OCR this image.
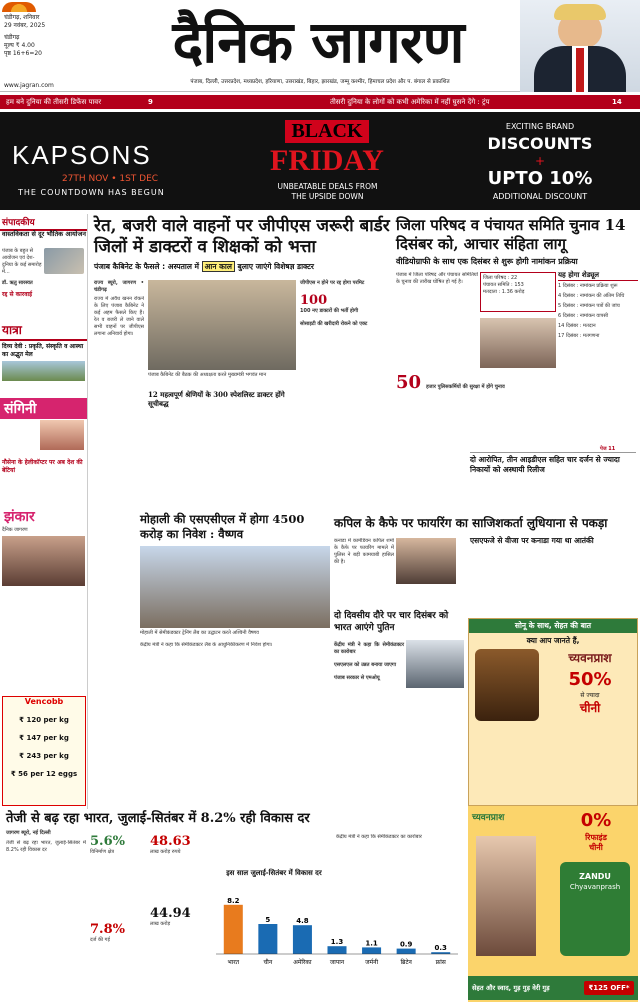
चंडीगढ़, शनिवार
29 नवंबर, 2025
चंडीगढ़
मूल्य ₹ 4.00
पृष्ठ 16+6=20
www.jagran.com
दैनिक जागरण
पंजाब, दिल्ली, उत्तरप्रदेश, मध्यप्रदेश, हरियाणा, उत्तराखंड, बिहार, झारखंड, जम्मू कश्मीर, हिमाचल प्रदेश और प. बंगाल से प्रकाशित
हम बने दुनिया की तीसरी डिफेंस पावर	9	तीसरी दुनिया के लोगों को कभी अमेरिका में नहीं घुसने देंगे : ट्रंप	14
KAPSONS
27TH NOV • 1ST DEC
THE COUNTDOWN HAS BEGUN
BLACK
FRIDAY
UNBEATABLE DEALS FROM
THE UPSIDE DOWN
EXCITING BRAND
DISCOUNTS
+
UPTO 10%
ADDITIONAL DISCOUNT
संपादकीय
वास्तविकता से दूर भौतिक आयोजन
पंजाब के बहुत से आयोजन एवं देश-दुनिया के कई समारोह में...
डॉ. ऋतु सारस्वत
रद्द से कारवाई
यात्रा
दिव्य देवी : प्रकृति, संस्कृति व आस्था का अद्भुत मेल
संगिनी
नौसेना के हेलीकॉप्टर पर अब देश की बेटियां
झंकार
दैनिक जागरण
Vencobb
₹ 120 per kg
₹ 147 per kg
₹ 243 per kg
₹ 56 per 12 eggs
रेत, बजरी वाले वाहनों पर जीपीएस जरूरी बार्डर जिलों में डाक्टरों व शिक्षकों को भत्ता
पंजाब कैबिनेट के फैसले : अस्पताल में आन काल बुलाए जाएंगे विशेषज्ञ डाक्टर
राज्य ब्यूरो, जागरण • चंडीगढ़
राज्य में अवैध खनन रोकने के लिए पंजाब कैबिनेट ने कई अहम फैसले किए हैं। रेत व बजरी ले जाने वाले सभी वाहनों पर जीपीएस लगाना अनिवार्य होगा।
पंजाब कैबिनेट की बैठक की अध्यक्षता करते मुख्यमंत्री भगवंत मान
12 महत्वपूर्ण श्रेणियों के 300 स्पेशलिस्ट डाक्टर होंगे सूचीबद्ध
जीपीएस न होने पर रद्द होगा परमिट
100
100 नए डाक्टरों की भर्ती होगी
सोसाइटी की खरीदारी रोकने को एक्ट
जिला परिषद व पंचायत समिति चुनाव 14 दिसंबर को, आचार संहिता लागू
वीडियोग्राफी के साथ एक दिसंबर से शुरू होगी नामांकन प्रक्रिया
पंजाब में जिला परिषद और पंचायत समितियों के चुनाव की तारीख घोषित हो गई है।
जिला परिषद : 22
पंचायत समिति : 153
मतदाता : 1.36 करोड़
50 हजार पुलिसकर्मियों की सुरक्षा में होंगे चुनाव
यह होगा शेड्यूल
1 दिसंबर : नामांकन प्रक्रिया शुरू
4 दिसंबर : नामांकन की अंतिम तिथि
5 दिसंबर : नामांकन पत्रों की जांच
6 दिसंबर : नामांकन वापसी
14 दिसंबर : मतदान
17 दिसंबर : मतगणना
पेज 11
दो आरोपित, तीन आइडीएल सहित चार दर्जन से ज्यादा निकायों को अस्थायी रिलीज
मोहाली की एसएसीएल में होगा 4500 करोड़ का निवेश : वैष्णव
मोहाली में सेमीकंडक्टर ट्रेनिंग लैब का उद्घाटन करते अश्विनी वैष्णव
केंद्रीय मंत्री ने कहा कि सेमीकंडक्टर लैब के आधुनिकीकरण में निवेश होगा।
कपिल के कैफे पर फायरिंग का साजिशकर्ता लुधियाना से पकड़ा
कनाडा में कामेडियन कपिल शर्मा के कैफे पर फायरिंग मामले में पुलिस ने बड़ी कामयाबी हासिल की है।
दो दिवसीय दौरे पर चार दिसंबर को भारत आएंगे पुतिन
केंद्रीय मंत्री ने कहा कि सेमीकंडक्टर का कारोबार
एसएलएल को उन्नत बनाया जाएगा
पंजाब सरकार से एमओयू
एसएफजे से वीजा पर कनाडा गया था आतंकी
सोनू के साथ, सेहत की बात
क्या आप जानते हैं,
च्यवनप्राश
50%
से ज्यादा
चीनी
च्यवनप्राश	0%
रिफाइंड
चीनी
ZANDU
Chyavanprash
सेहत और स्वाद, गुड़ गुड़ वेरी गुड़	₹125 OFF*
तेजी से बढ़ रहा भारत, जुलाई-सितंबर में 8.2% रही विकास दर
जागरण ब्यूरो, नई दिल्ली
तेजी से बढ़ रहा भारत, जुलाई-सितंबर में 8.2% रही विकास दर
5.6%
विनिर्माण क्षेत्र
48.63
लाख करोड़ रुपये
44.94
लाख करोड़
7.8%
दर्ज की गई
इस साल जुलाई-सितंबर में विकास दर
8.2
भारत
5
चीन
4.8
अमेरिका
1.3
जापान
1.1
जर्मनी
0.9
ब्रिटेन
0.3
फ्रांस
केंद्रीय मंत्री ने कहा कि सेमीकंडक्टर का कारोबार
